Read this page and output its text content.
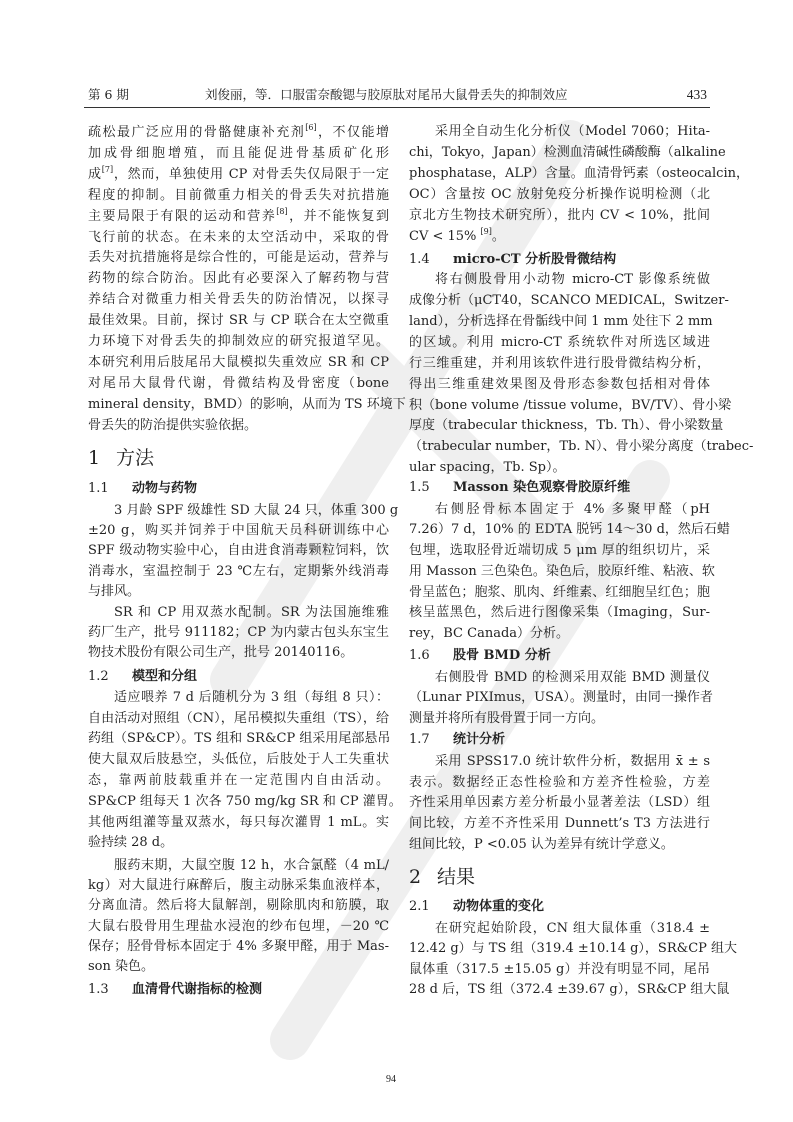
第 6 期	刘俊丽，等．口服雷奈酸锶与胶原肽对尾吊大鼠骨丢失的抑制效应	433
疏松最广泛应用的骨骼健康补充剂[6]，不仅能增
加成骨细胞增殖，而且能促进骨基质矿化形
成[7]，然而，单独使用 CP 对骨丢失仅局限于一定
程度的抑制。目前微重力相关的骨丢失对抗措施
主要局限于有限的运动和营养[8]，并不能恢复到
飞行前的状态。在未来的太空活动中，采取的骨
丢失对抗措施将是综合性的，可能是运动，营养与
药物的综合防治。因此有必要深入了解药物与营
养结合对微重力相关骨丢失的防治情况，以探寻
最佳效果。目前，探讨 SR 与 CP 联合在太空微重
力环境下对骨丢失的抑制效应的研究报道罕见。
本研究利用后肢尾吊大鼠模拟失重效应 SR 和 CP
对尾吊大鼠骨代谢，骨微结构及骨密度（bone
mineral density，BMD）的影响，从而为 TS 环境下
骨丢失的防治提供实验依据。
1 方法
1.1 动物与药物
3 月龄 SPF 级雄性 SD 大鼠 24 只，体重 300 g
±20 g，购买并饲养于中国航天员科研训练中心
SPF 级动物实验中心，自由进食消毒颗粒饲料，饮
消毒水，室温控制于 23 ℃左右，定期紫外线消毒
与排风。
SR 和 CP 用双蒸水配制。SR 为法国施维雅
药厂生产，批号 911182；CP 为内蒙古包头东宝生
物技术股份有限公司生产，批号 20140116。
1.2 模型和分组
适应喂养 7 d 后随机分为 3 组（每组 8 只）：
自由活动对照组（CN），尾吊模拟失重组（TS），给
药组（SP&CP）。TS 组和 SR&CP 组采用尾部悬吊
使大鼠双后肢悬空，头低位，后肢处于人工失重状
态，靠两前肢载重并在一定范围内自由活动。
SP&CP 组每天 1 次各 750 mg/kg SR 和 CP 灌胃。
其他两组灌等量双蒸水，每只每次灌胃 1 mL。实
验持续 28 d。
服药末期，大鼠空腹 12 h，水合氯醛（4 mL/
kg）对大鼠进行麻醉后，腹主动脉采集血液样本，
分离血清。然后将大鼠解剖，剔除肌肉和筋膜，取
大鼠右股骨用生理盐水浸泡的纱布包埋，－20 ℃
保存；胫骨骨标本固定于 4% 多聚甲醛，用于 Mas-
son 染色。
1.3 血清骨代谢指标的检测
采用全自动生化分析仪（Model 7060；Hita-
chi，Tokyo，Japan）检测血清碱性磷酸酶（alkaline
phosphatase，ALP）含量。血清骨钙素（osteocalcin，
OC）含量按 OC 放射免疫分析操作说明检测（北
京北方生物技术研究所），批内 CV < 10%，批间
CV < 15% [9]。
1.4 micro-CT 分析股骨微结构
将右侧股骨用小动物 micro-CT 影像系统做
成像分析（μCT40，SCANCO MEDICAL，Switzer-
land），分析选择在骨骺线中间 1 mm 处往下 2 mm
的区域。利用 micro-CT 系统软件对所选区域进
行三维重建，并利用该软件进行股骨微结构分析，
得出三维重建效果图及骨形态参数包括相对骨体
积（bone volume /tissue volume，BV/TV）、骨小梁
厚度（trabecular thickness，Tb. Th）、骨小梁数量
（trabecular number，Tb. N）、骨小梁分离度（trabec-
ular spacing，Tb. Sp）。
1.5 Masson 染色观察骨胶原纤维
右侧胫骨标本固定于 4% 多聚甲醛（pH
7.26）7 d，10% 的 EDTA 脱钙 14～30 d，然后石蜡
包埋，选取胫骨近端切成 5 μm 厚的组织切片，采
用 Masson 三色染色。染色后，胶原纤维、粘液、软
骨呈蓝色；胞浆、肌肉、纤维素、红细胞呈红色；胞
核呈蓝黑色，然后进行图像采集（Imaging，Sur-
rey，BC Canada）分析。
1.6 股骨 BMD 分析
右侧股骨 BMD 的检测采用双能 BMD 测量仪
（Lunar PIXImus，USA）。测量时，由同一操作者
测量并将所有股骨置于同一方向。
1.7 统计分析
采用 SPSS17.0 统计软件分析，数据用 x̄ ± s
表示。数据经正态性检验和方差齐性检验，方差
齐性采用单因素方差分析最小显著差法（LSD）组
间比较，方差不齐性采用 Dunnett’s T3 方法进行
组间比较，P <0.05 认为差异有统计学意义。
2 结果
2.1 动物体重的变化
在研究起始阶段，CN 组大鼠体重（318.4 ±
12.42 g）与 TS 组（319.4 ±10.14 g），SR&CP 组大
鼠体重（317.5 ±15.05 g）并没有明显不同，尾吊
28 d 后，TS 组（372.4 ±39.67 g），SR&CP 组大鼠
94
